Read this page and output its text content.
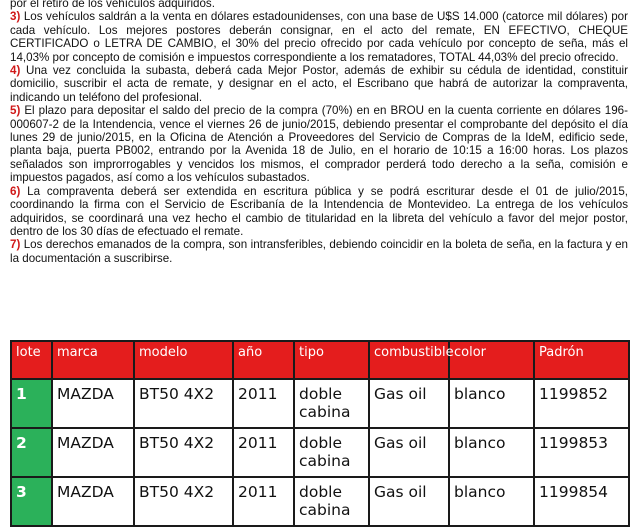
por el retiro de los vehículos adquiridos.

3) Los vehículos saldrán a la venta en dólares estadounidenses, con una base de U$S 14.000 (catorce mil dólares) por cada vehículo. Los mejores postores deberán consignar, en el acto del remate, EN EFECTIVO, CHEQUE CERTIFICADO o LETRA DE CAMBIO, el 30% del precio ofrecido por cada vehículo por concepto de seña, más el 14,03% por concepto de comisión e impuestos correspondiente a los rematadores, TOTAL 44,03% del precio ofrecido.

4) Una vez concluida la subasta, deberá cada Mejor Postor, además de exhibir su cédula de identidad, constituir domicilio, suscribir el acta de remate, y designar en el acto, el Escribano que habrá de autorizar la compraventa, indicando un teléfono del profesional.

5) El plazo para depositar el saldo del precio de la compra (70%) en en BROU en la cuenta corriente en dólares 196-000607-2 de la Intendencia, vence el viernes 26 de junio/2015, debiendo presentar el comprobante del depósito el día lunes 29 de junio/2015, en la Oficina de Atención a Proveedores del Servicio de Compras de la IdeM, edificio sede, planta baja, puerta PB002, entrando por la Avenida 18 de Julio, en el horario de 10:15 a 16:00 horas. Los plazos señalados son improrrogables y vencidos los mismos, el comprador perderá todo derecho a la seña, comisión e impuestos pagados, así como a los vehículos subastados.

6) La compraventa deberá ser extendida en escritura pública y se podrá escriturar desde el 01 de julio/2015, coordinando la firma con el Servicio de Escribanía de la Intendencia de Montevideo. La entrega de los vehículos adquiridos, se coordinará una vez hecho el cambio de titularidad en la libreta del vehículo a favor del mejor postor, dentro de los 30 días de efectuado el remate.

7) Los derechos emanados de la compra, son intransferibles, debiendo coincidir en la boleta de seña, en la factura y en la documentación a suscribirse.

lote	marca	modelo	año	tipo	combustible	color	Padrón
1	MAZDA	BT50 4X2	2011	doble cabina	Gas oil	blanco	1199852
2	MAZDA	BT50 4X2	2011	doble cabina	Gas oil	blanco	1199853
3	MAZDA	BT50 4X2	2011	doble cabina	Gas oil	blanco	1199854
